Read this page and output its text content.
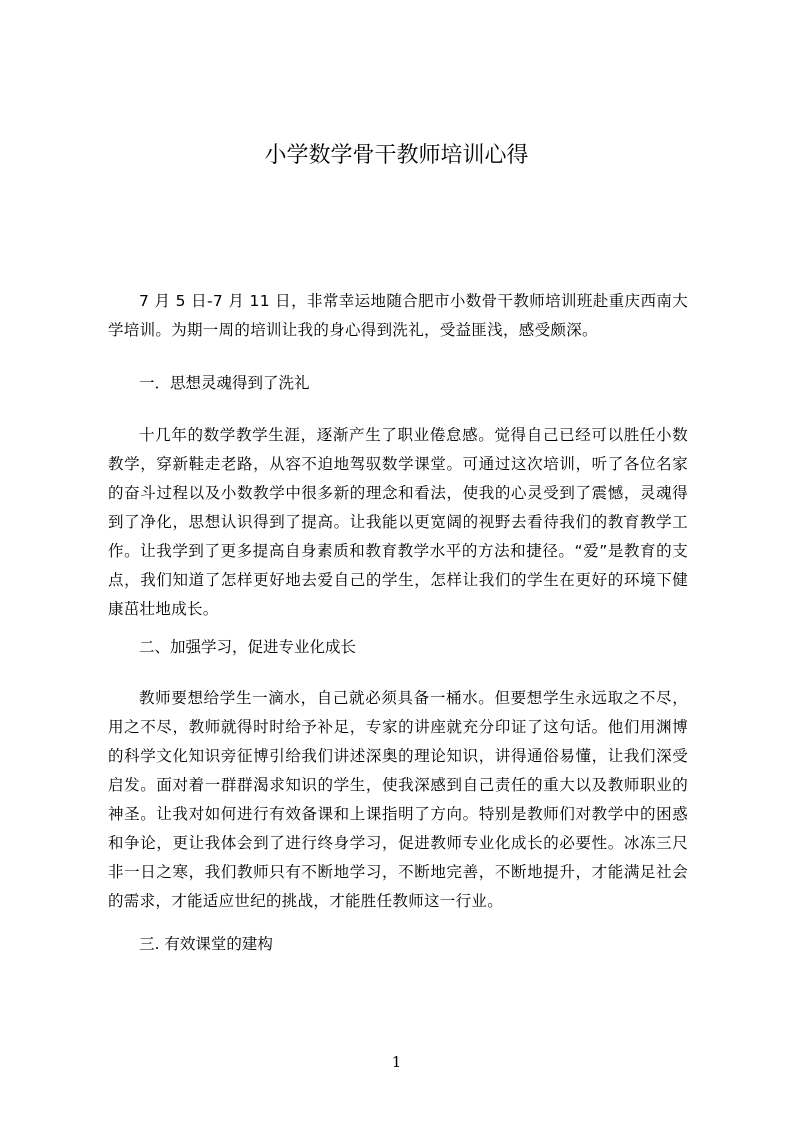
小学数学骨干教师培训心得

7 月 5 日-7 月 11 日，非常幸运地随合肥市小数骨干教师培训班赴重庆西南大学培训。为期一周的培训让我的身心得到洗礼，受益匪浅，感受颇深。

一．思想灵魂得到了洗礼

十几年的数学教学生涯，逐渐产生了职业倦怠感。觉得自己已经可以胜任小数教学，穿新鞋走老路，从容不迫地驾驭数学课堂。可通过这次培训，听了各位名家的奋斗过程以及小数教学中很多新的理念和看法，使我的心灵受到了震憾，灵魂得到了净化，思想认识得到了提高。让我能以更宽阔的视野去看待我们的教育教学工作。让我学到了更多提高自身素质和教育教学水平的方法和捷径。“爱”是教育的支点，我们知道了怎样更好地去爱自己的学生，怎样让我们的学生在更好的环境下健康茁壮地成长。

二、加强学习，促进专业化成长

教师要想给学生一滴水，自己就必须具备一桶水。但要想学生永远取之不尽，用之不尽，教师就得时时给予补足，专家的讲座就充分印证了这句话。他们用渊博的科学文化知识旁征博引给我们讲述深奥的理论知识，讲得通俗易懂，让我们深受启发。面对着一群群渴求知识的学生，使我深感到自己责任的重大以及教师职业的神圣。让我对如何进行有效备课和上课指明了方向。特别是教师们对教学中的困惑和争论，更让我体会到了进行终身学习，促进教师专业化成长的必要性。冰冻三尺非一日之寒，我们教师只有不断地学习，不断地完善，不断地提升，才能满足社会的需求，才能适应世纪的挑战，才能胜任教师这一行业。

三. 有效课堂的建构
1
